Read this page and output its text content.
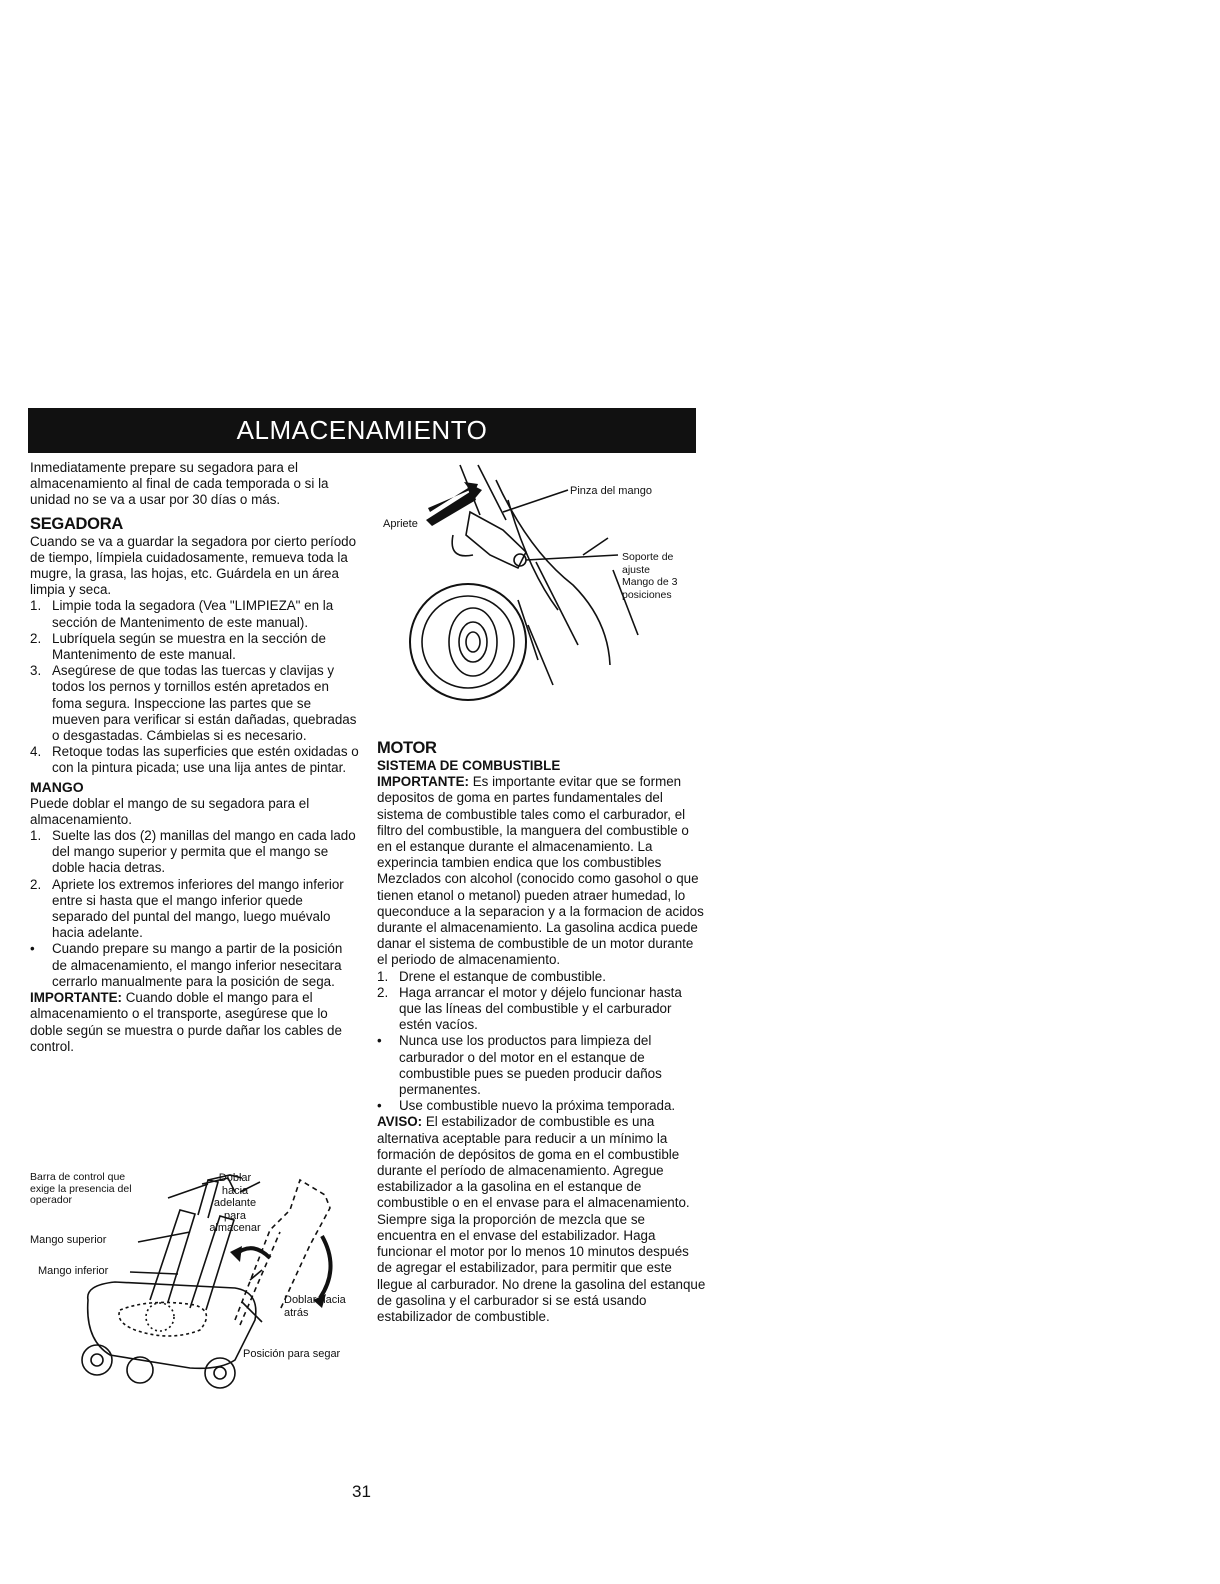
ALMACENAMIENTO

Inmediatamente prepare su segadora para el almacenamiento al final de cada temporada o si la unidad no se va a usar por 30 días o más.

SEGADORA

Cuando se va a guardar la segadora por cierto período de tiempo, límpiela cuidadosamente, remueva toda la mugre, la grasa, las hojas, etc. Guárdela en un área limpia y seca.

1. Limpie toda la segadora (Vea "LIMPIEZA" en la sección de Mantenimento de este manual).
2. Lubríquela según se muestra en la sección de Mantenimento de este manual.
3. Asegúrese de que todas las tuercas y clavijas y todos los pernos y tornillos estén apretados en foma segura. Inspeccione las partes que se mueven para verificar si están dañadas, quebradas o desgastadas. Cámbielas si es necesario.
4. Retoque todas las superficies que estén oxidadas o con la pintura picada; use una lija antes de pintar.
MANGO

Puede doblar el mango de su segadora para el almacenamiento.

1. Suelte las dos (2) manillas del mango en cada lado del mango superior y permita que el mango se doble hacia detras.
2. Apriete los extremos inferiores del mango inferior entre si hasta que el mango inferior quede separado del puntal del mango, luego muévalo hacia adelante.
• Cuando prepare su mango a partir de la posición de almacenamiento, el mango inferior nesecitara cerrarlo manualmente para la posición de sega.

IMPORTANTE: Cuando doble el mango para el almacenamiento o el transporte, asegúrese que lo doble según se muestra o purde dañar los cables de control.

Barra de control que
exige la presencia del
operador
Mango superior
Mango inferior
Doblar
hacia
adelante
para
almacenar
Doblar hacia
atrás
Posición para segar
Apriete
Pinza del mango
Soporte de
ajuste
Mango de 3
posiciones
MOTOR
SISTEMA DE COMBUSTIBLE

IMPORTANTE: Es importante evitar que se formen depositos de goma en partes fundamentales del sistema de combustible tales como el carburador, el filtro del combustible, la manguera del combustible o en el estanque durante el almacenamiento. La experincia tambien endica que los combustibles Mezclados con alcohol (conocido como gasohol o que tienen etanol o metanol) pueden atraer humedad, lo queconduce a la separacion y a la formacion de acidos durante el almacenamiento. La gasolina acdica puede danar el sistema de combustible de un motor durante el periodo de almacenamiento.

1. Drene el estanque de combustible.
2. Haga arrancar el motor y déjelo funcionar hasta que las líneas del combustible y el carburador estén vacíos.
• Nunca use los productos para limpieza del carburador o del motor en el estanque de combustible pues se pueden producir daños permanentes.
• Use combustible nuevo la próxima temporada.

AVISO: El estabilizador de combustible es una alternativa aceptable para reducir a un mínimo la formación de depósitos de goma en el combustible durante el período de almacenamiento. Agregue estabilizador a la gasolina en el estanque de combustible o en el envase para el almacenamiento. Siempre siga la proporción de mezcla que se encuentra en el envase del estabilizador. Haga funcionar el motor por lo menos 10 minutos después de agregar el estabilizador, para permitir que este llegue al carburador. No drene la gasolina del estanque de gasolina y el carburador si se está usando estabilizador de combustible.

31
